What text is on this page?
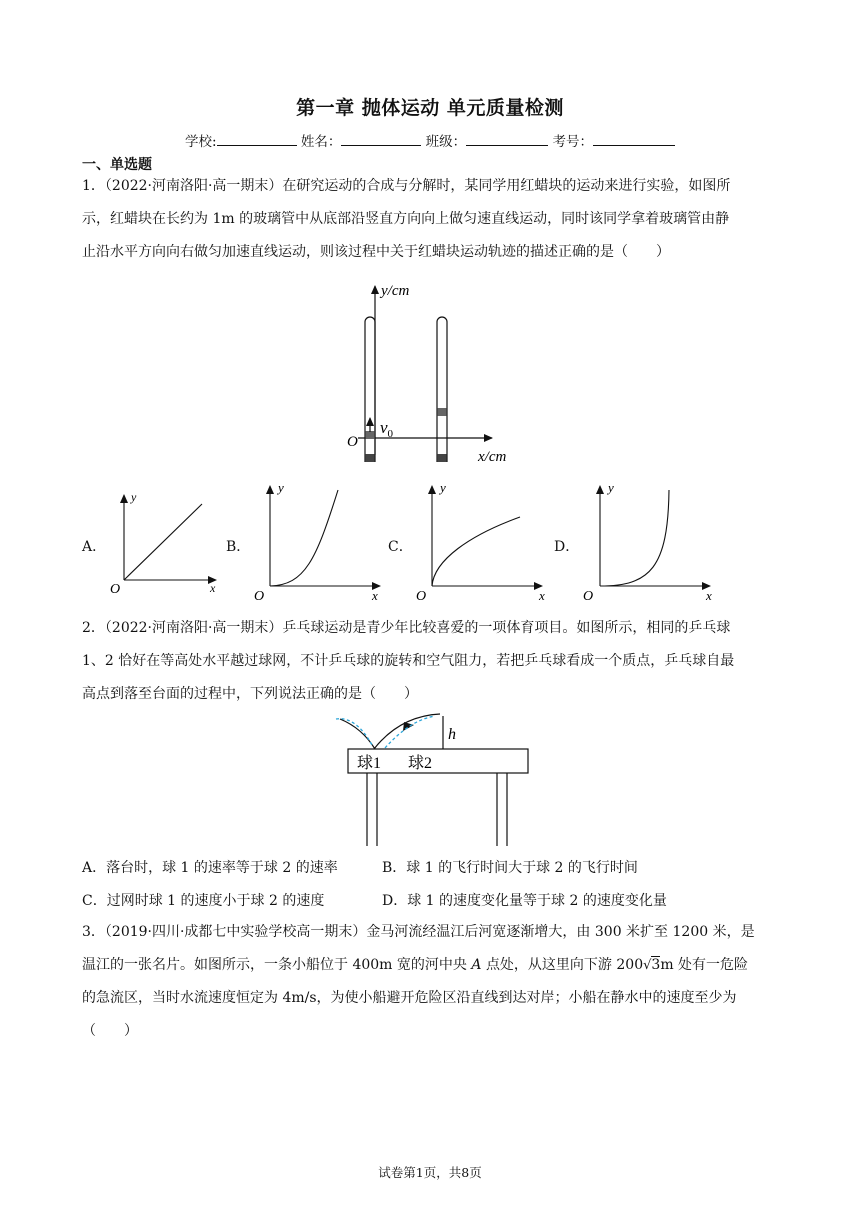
第一章 抛体运动 单元质量检测
学校:	姓名：	班级：	考号：
一、单选题

1．（2022·河南洛阳·高一期末）在研究运动的合成与分解时，某同学用红蜡块的运动来进行实验，如图所

示，红蜡块在长约为 1m 的玻璃管中从底部沿竖直方向向上做匀速直线运动，同时该同学拿着玻璃管由静

止沿水平方向向右做匀加速直线运动，则该过程中关于红蜡块运动轨迹的描述正确的是（　　）

y/cm
x/cm
O
$v_0$
y
x
O
y
x
O
y
x
O
y
x
O
h
球1 球2
A．	B．	C．	D．

2．（2022·河南洛阳·高一期末）乒乓球运动是青少年比较喜爱的一项体育项目。如图所示，相同的乒乓球

1、2 恰好在等高处水平越过球网，不计乒乓球的旋转和空气阻力，若把乒乓球看成一个质点，乒乓球自最

高点到落至台面的过程中，下列说法正确的是（　　）

A．落台时，球 1 的速率等于球 2 的速率	B．球 1 的飞行时间大于球 2 的飞行时间
C．过网时球 1 的速度小于球 2 的速度	D．球 1 的速度变化量等于球 2 的速度变化量

3．（2019·四川·成都七中实验学校高一期末）金马河流经温江后河宽逐渐增大，由 300 米扩至 1200 米，是

温江的一张名片。如图所示，一条小船位于 400m 宽的河中央 A 点处，从这里向下游 200√3m 处有一危险

的急流区，当时水流速度恒定为 4m/s，为使小船避开危险区沿直线到达对岸；小船在静水中的速度至少为

（　　）

试卷第1页，共8页
